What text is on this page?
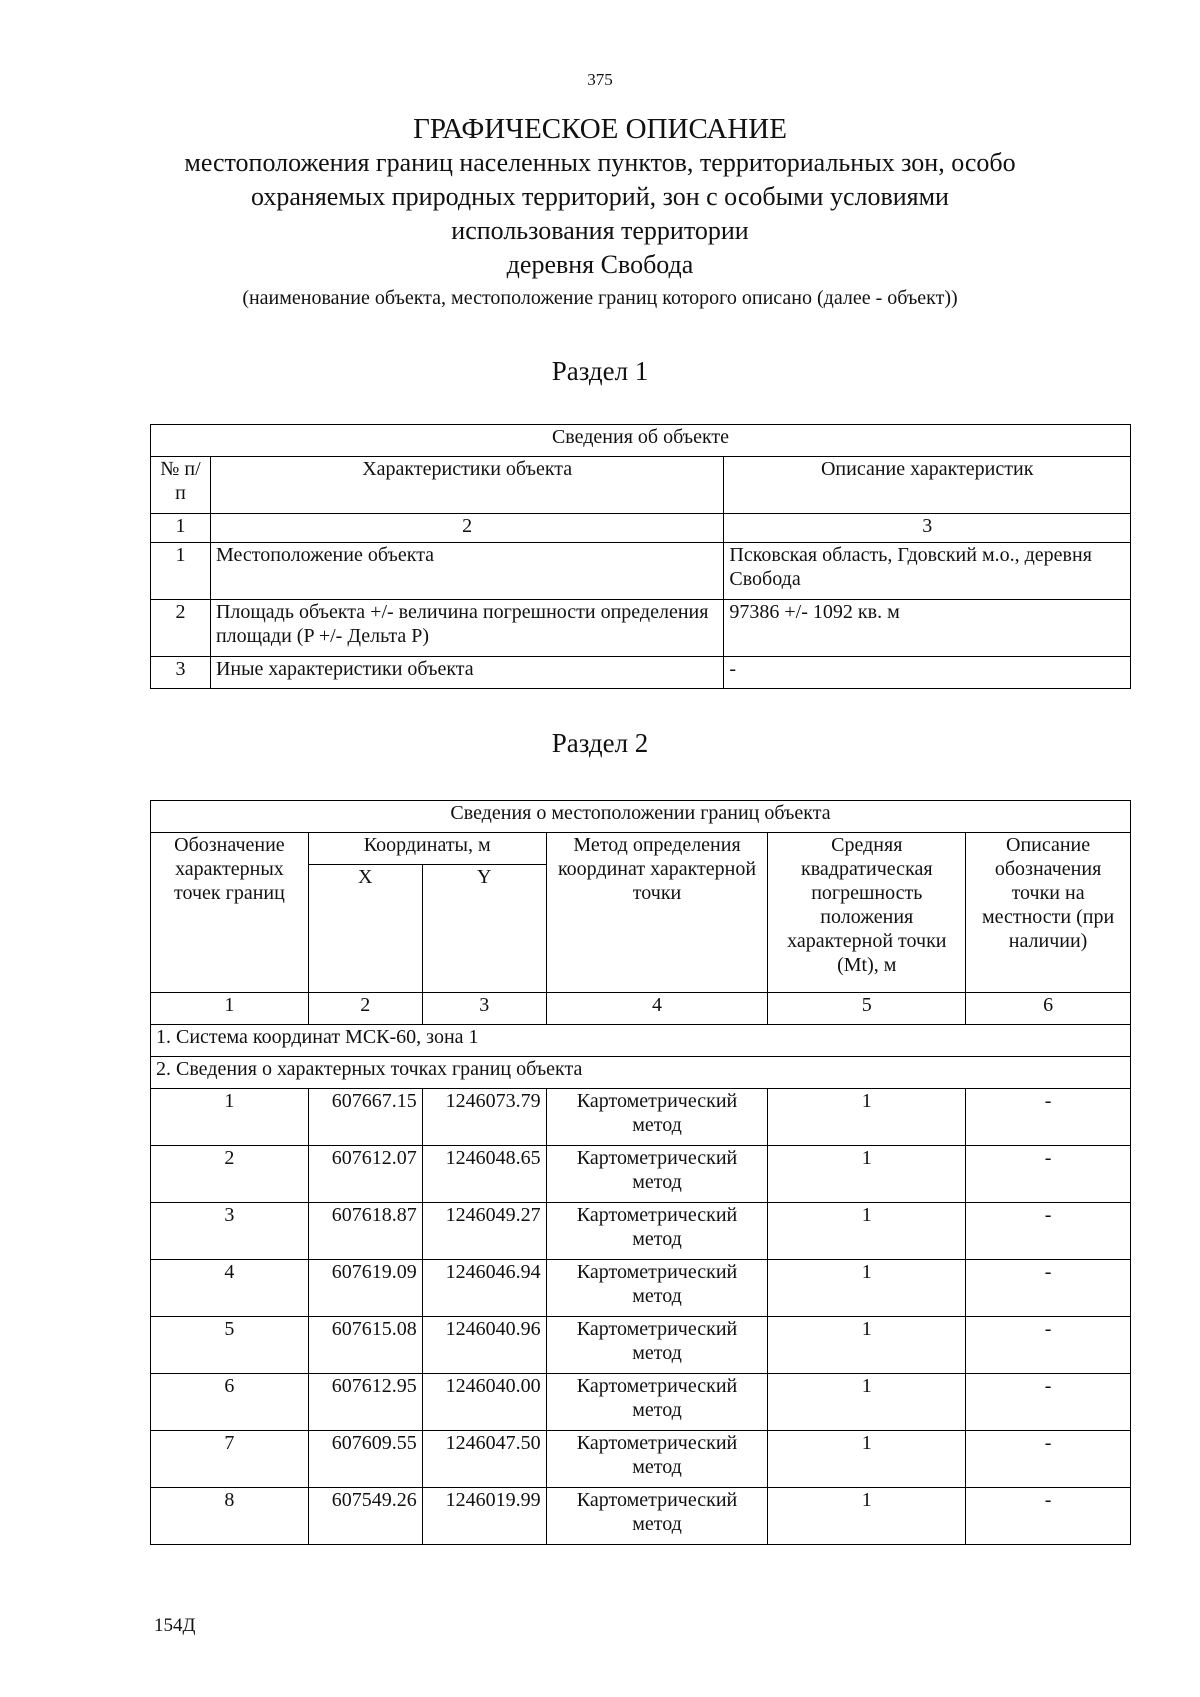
375
ГРАФИЧЕСКОЕ ОПИСАНИЕ
местоположения границ населенных пунктов, территориальных зон, особо
охраняемых природных территорий, зон с особыми условиями
использования территории
деревня Свобода
(наименование объекта, местоположение границ которого описано (далее - объект))
Раздел 1
Сведения об объекте		
№ п/п	Характеристики объекта	Описание характеристик
1	2	3
1	Местоположение объекта	Псковская область, Гдовский м.о., деревня Свобода
2	Площадь объекта +/- величина погрешности определения площади (P +/- Дельта P)	97386 +/- 1092 кв. м
3	Иные характеристики объекта	-
Раздел 2
Сведения о местоположении границ объекта					
Обозначение характерных точек границ	Координаты, м		Метод определения координат характерной точки	Средняя квадратическая погрешность положения характерной точки (Mt), м	Описание обозначения точки на местности (при наличии)
	X	Y			
1	2	3	4	5	6
1. Система координат МСК-60, зона 1					
2. Сведения о характерных точках границ объекта					
1	607667.15	1246073.79	Картометрический метод	1	-
2	607612.07	1246048.65	Картометрический метод	1	-
3	607618.87	1246049.27	Картометрический метод	1	-
4	607619.09	1246046.94	Картометрический метод	1	-
5	607615.08	1246040.96	Картометрический метод	1	-
6	607612.95	1246040.00	Картометрический метод	1	-
7	607609.55	1246047.50	Картометрический метод	1	-
8	607549.26	1246019.99	Картометрический метод	1	-
154Д
